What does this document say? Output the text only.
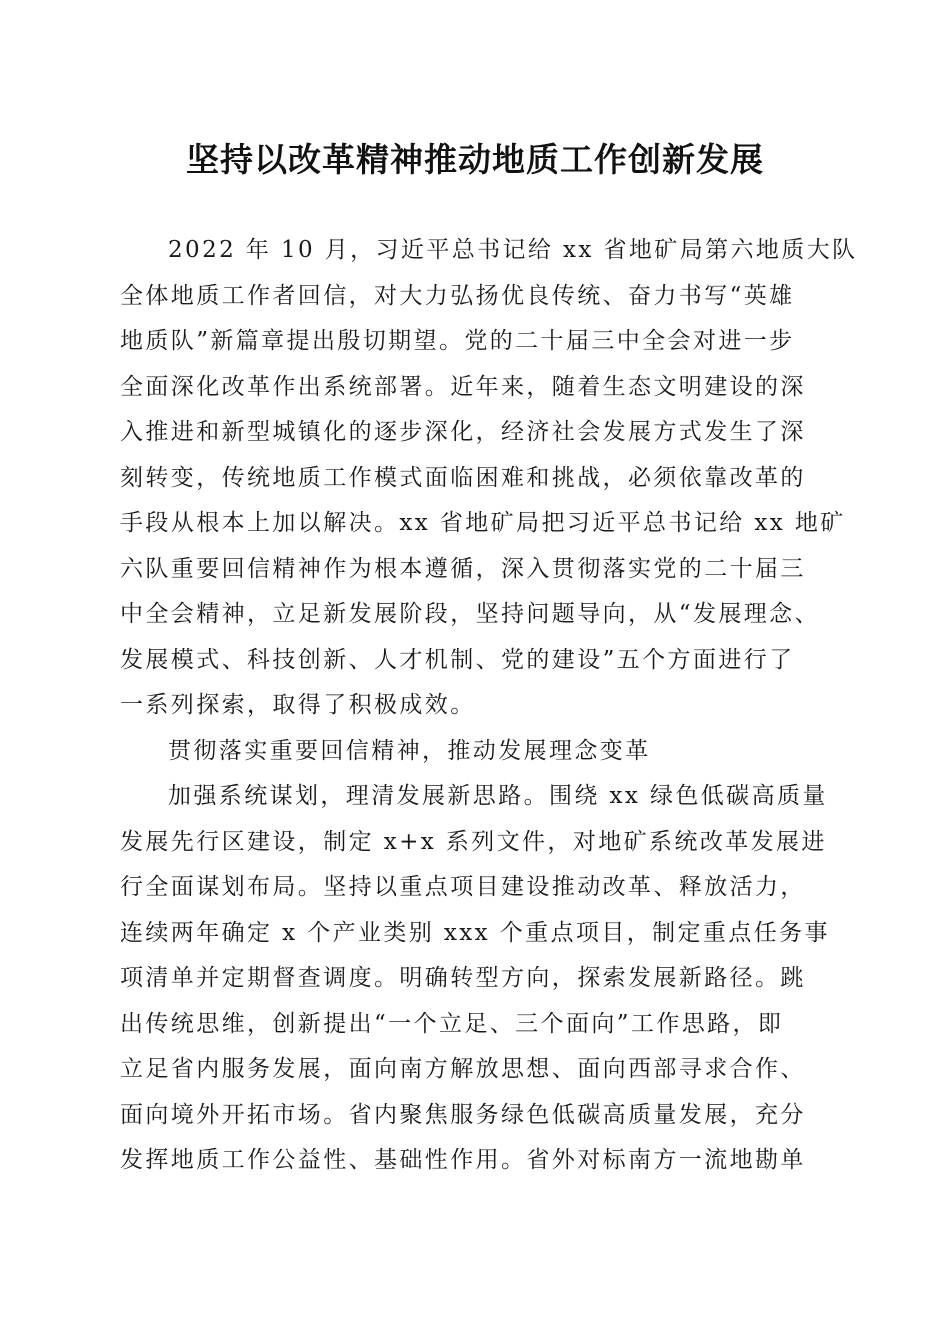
坚持以改革精神推动地质工作创新发展
2022 年 10 月，习近平总书记给 xx 省地矿局第六地质大队
全体地质工作者回信，对大力弘扬优良传统、奋力书写“英雄
地质队”新篇章提出殷切期望。党的二十届三中全会对进一步
全面深化改革作出系统部署。近年来，随着生态文明建设的深
入推进和新型城镇化的逐步深化，经济社会发展方式发生了深
刻转变，传统地质工作模式面临困难和挑战，必须依靠改革的
手段从根本上加以解决。xx 省地矿局把习近平总书记给 xx 地矿
六队重要回信精神作为根本遵循，深入贯彻落实党的二十届三
中全会精神，立足新发展阶段，坚持问题导向，从“发展理念、
发展模式、科技创新、人才机制、党的建设”五个方面进行了
一系列探索，取得了积极成效。
贯彻落实重要回信精神，推动发展理念变革
加强系统谋划，理清发展新思路。围绕 xx 绿色低碳高质量
发展先行区建设，制定 x+x 系列文件，对地矿系统改革发展进
行全面谋划布局。坚持以重点项目建设推动改革、释放活力，
连续两年确定 x 个产业类别 xxx 个重点项目，制定重点任务事
项清单并定期督查调度。明确转型方向，探索发展新路径。跳
出传统思维，创新提出“一个立足、三个面向”工作思路，即
立足省内服务发展，面向南方解放思想、面向西部寻求合作、
面向境外开拓市场。省内聚焦服务绿色低碳高质量发展，充分
发挥地质工作公益性、基础性作用。省外对标南方一流地勘单
